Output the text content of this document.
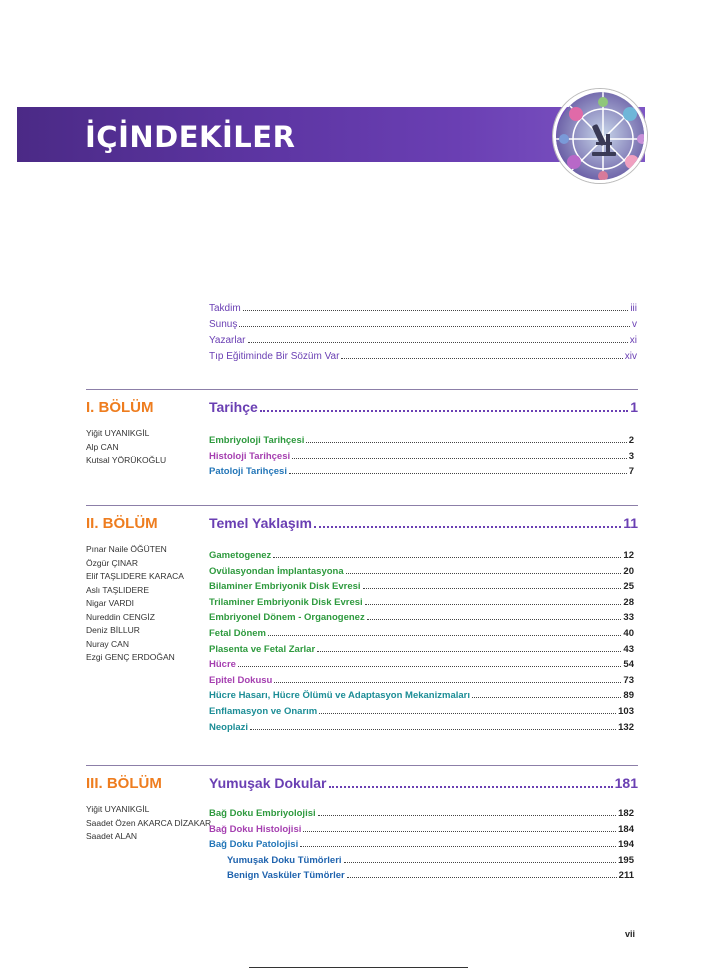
İÇİNDEKİLER
Takdim	iii
Sunuş	v
Yazarlar	xi
Tıp Eğitiminde Bir Sözüm Var	xiv
I. BÖLÜM
Yiğit UYANIKGİL
Alp CAN
Kutsal YÖRÜKOĞLU
Tarihçe	1
Embriyoloji Tarihçesi	2
Histoloji Tarihçesi	3
Patoloji Tarihçesi	7
II. BÖLÜM
Pınar Naile ÖĞÜTEN
Özgür ÇINAR
Elif TAŞLIDERE KARACA
Aslı TAŞLIDERE
Nigar VARDI
Nureddin CENGİZ
Deniz BİLLUR
Nuray CAN
Ezgi GENÇ ERDOĞAN
Temel Yaklaşım	11
Gametogenez	12
Ovülasyondan İmplantasyona	20
Bilaminer Embriyonik Disk Evresi	25
Trilaminer Embriyonik Disk Evresi	28
Embriyonel Dönem - Organogenez	33
Fetal Dönem	40
Plasenta ve Fetal Zarlar	43
Hücre	54
Epitel Dokusu	73
Hücre Hasarı, Hücre Ölümü ve Adaptasyon Mekanizmaları	89
Enflamasyon ve Onarım	103
Neoplazi	132
III. BÖLÜM
Yiğit UYANIKGİL
Saadet Özen AKARCA DİZAKAR
Saadet ALAN
Yumuşak Dokular	181
Bağ Doku Embriyolojisi	182
Bağ Doku Histolojisi	184
Bağ Doku Patolojisi	194
Yumuşak Doku Tümörleri	195
Benign Vasküler Tümörler	211
vii
